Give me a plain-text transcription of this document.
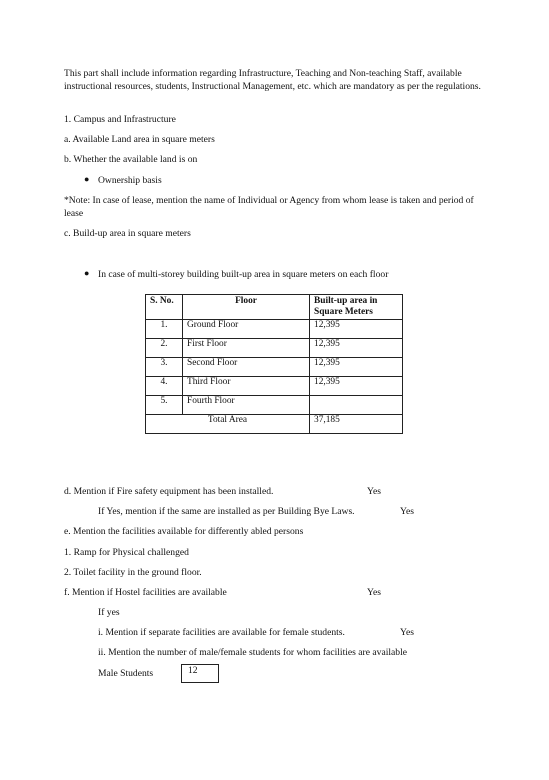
This part shall include information regarding Infrastructure, Teaching and Non-teaching Staff, available instructional resources, students, Instructional Management, etc. which are mandatory as per the regulations.
1. Campus and Infrastructure
a. Available Land area in square meters
b. Whether the available land is on
● Ownership basis
*Note: In case of lease, mention the name of Individual or Agency from whom lease is taken and period of lease
c. Build-up area in square meters
● In case of multi-storey building built-up area in square meters on each floor
S. No.	Floor	Built-up area in Square Meters
1.	Ground Floor	12,395
2.	First Floor	12,395
3.	Second Floor	12,395
4.	Third Floor	12,395
5.	Fourth Floor	
Total Area		37,185
d. Mention if Fire safety equipment has been installed.	Yes
If Yes, mention if the same are installed as per Building Bye Laws.	Yes
e. Mention the facilities available for differently abled persons
1. Ramp for Physical challenged
2. Toilet facility in the ground floor.
f. Mention if Hostel facilities are available	Yes
If yes
i. Mention if separate facilities are available for female students.	Yes
ii. Mention the number of male/female students for whom facilities are available
Male Students	12
